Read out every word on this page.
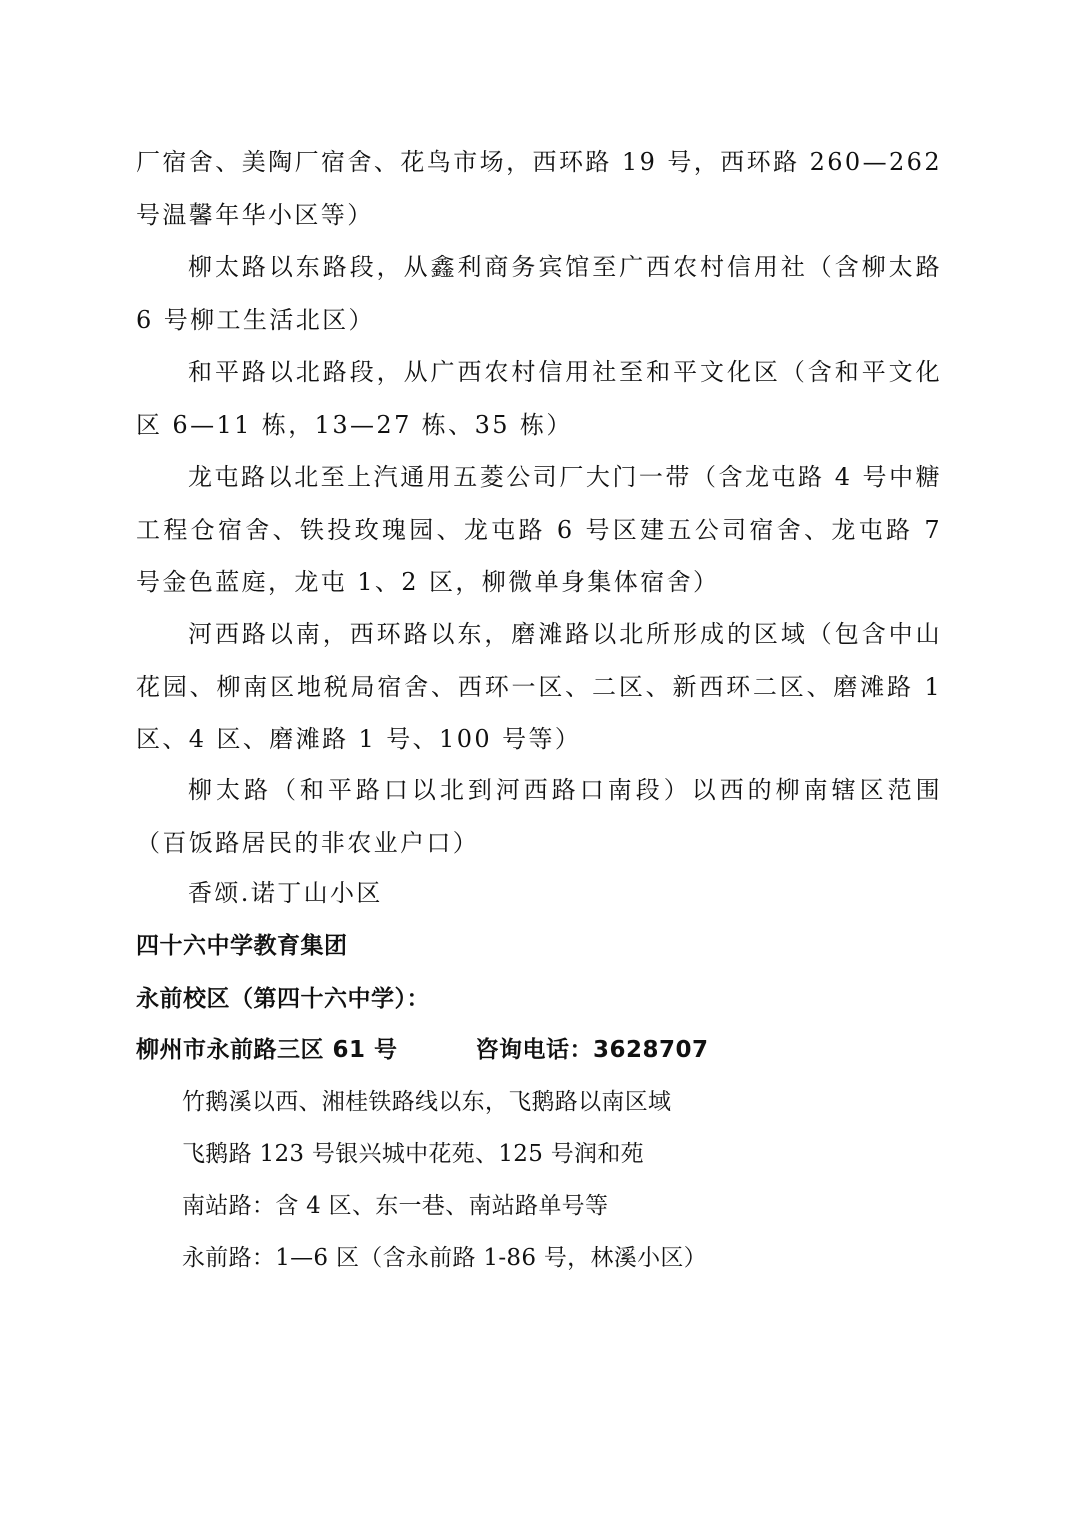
厂宿舍、美陶厂宿舍、花鸟市场，西环路 19 号，西环路 260—262 号温馨年华小区等）

柳太路以东路段，从鑫利商务宾馆至广西农村信用社（含柳太路 6 号柳工生活北区）

和平路以北路段，从广西农村信用社至和平文化区（含和平文化区 6—11 栋，13—27 栋、35 栋）

龙屯路以北至上汽通用五菱公司厂大门一带（含龙屯路 4 号中糖工程仓宿舍、铁投玫瑰园、龙屯路 6 号区建五公司宿舍、龙屯路 7 号金色蓝庭，龙屯 1、2 区，柳微单身集体宿舍）

河西路以南，西环路以东，磨滩路以北所形成的区域（包含中山花园、柳南区地税局宿舍、西环一区、二区、新西环二区、磨滩路 1 区、4 区、磨滩路 1 号、100 号等）

柳太路（和平路口以北到河西路口南段）以西的柳南辖区范围（百饭路居民的非农业户口）

香颂.诺丁山小区

四十六中学教育集团

永前校区（第四十六中学）：

柳州市永前路三区 61 号	咨询电话：3628707

竹鹅溪以西、湘桂铁路线以东，飞鹅路以南区域

飞鹅路 123 号银兴城中花苑、125 号润和苑

南站路：含 4 区、东一巷、南站路单号等

永前路：1—6 区（含永前路 1-86 号，林溪小区）
